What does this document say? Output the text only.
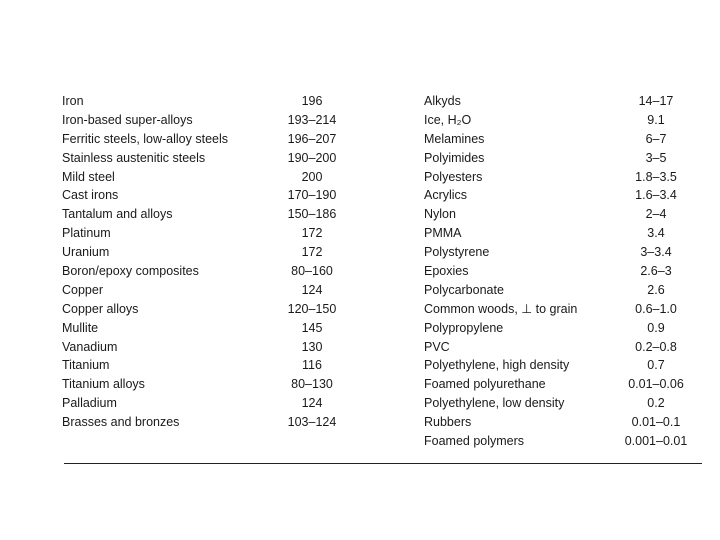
Iron	196
Iron-based super-alloys	193–214
Ferritic steels, low-alloy steels	196–207
Stainless austenitic steels	190–200
Mild steel	200
Cast irons	170–190
Tantalum and alloys	150–186
Platinum	172
Uranium	172
Boron/epoxy composites	80–160
Copper	124
Copper alloys	120–150
Mullite	145
Vanadium	130
Titanium	116
Titanium alloys	80–130
Palladium	124
Brasses and bronzes	103–124
Alkyds	14–17
Ice, H₂O	9.1
Melamines	6–7
Polyimides	3–5
Polyesters	1.8–3.5
Acrylics	1.6–3.4
Nylon	2–4
PMMA	3.4
Polystyrene	3–3.4
Epoxies	2.6–3
Polycarbonate	2.6
Common woods, ⊥ to grain	0.6–1.0
Polypropylene	0.9
PVC	0.2–0.8
Polyethylene, high density	0.7
Foamed polyurethane	0.01–0.06
Polyethylene, low density	0.2
Rubbers	0.01–0.1
Foamed polymers	0.001–0.01
